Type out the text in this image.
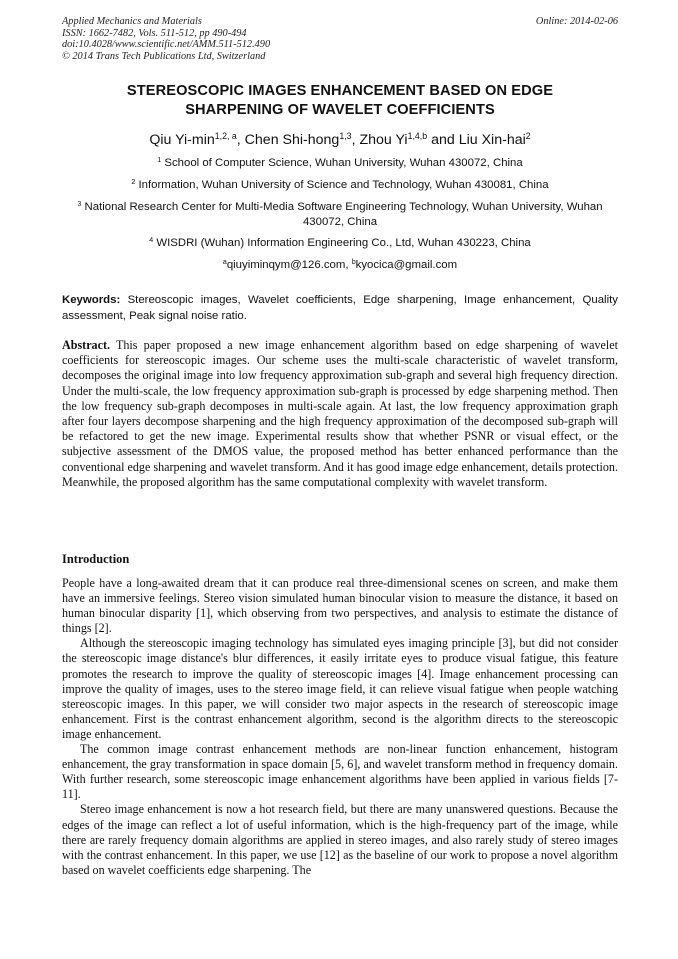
Applied Mechanics and Materials
ISSN: 1662-7482, Vols. 511-512, pp 490-494
doi:10.4028/www.scientific.net/AMM.511-512.490
© 2014 Trans Tech Publications Ltd, Switzerland
Online: 2014-02-06
STEREOSCOPIC IMAGES ENHANCEMENT BASED ON EDGE
SHARPENING OF WAVELET COEFFICIENTS
Qiu $Yi-\min^{1,2, a}$, Chen Shi-hong$^{1,3}$, Zhou Yi$^{1,4,b}$ and Liu Xin-hai$^2$
$^1$ School of Computer Science, Wuhan University, Wuhan 430072, China
$^2$ Information, Wuhan University of Science and Technology, Wuhan 430081, China
$^3$ National Research Center for Multi-Media Software Engineering Technology, Wuhan University, Wuhan 430072, China
$^4$ WISDRI (Wuhan) Information Engineering Co., Ltd, Wuhan 430223, China
$^a$qiuyiminqym@126.com, $^b$kyocica@gmail.com
Keywords: Stereoscopic images, Wavelet coefficients, Edge sharpening, Image enhancement, Quality assessment, Peak signal noise ratio.
Abstract. This paper proposed a new image enhancement algorithm based on edge sharpening of wavelet coefficients for stereoscopic images. Our scheme uses the multi-scale characteristic of wavelet transform, decomposes the original image into low frequency approximation sub-graph and several high frequency direction. Under the multi-scale, the low frequency approximation sub-graph is processed by edge sharpening method. Then the low frequency sub-graph decomposes in multi-scale again. At last, the low frequency approximation graph after four layers decompose sharpening and the high frequency approximation of the decomposed sub-graph will be refactored to get the new image. Experimental results show that whether PSNR or visual effect, or the subjective assessment of the DMOS value, the proposed method has better enhanced performance than the conventional edge sharpening and wavelet transform. And it has good image edge enhancement, details protection. Meanwhile, the proposed algorithm has the same computational complexity with wavelet transform.
Introduction

People have a long-awaited dream that it can produce real three-dimensional scenes on screen, and make them have an immersive feelings. Stereo vision simulated human binocular vision to measure the distance, it based on human binocular disparity [1], which observing from two perspectives, and analysis to estimate the distance of things [2].

Although the stereoscopic imaging technology has simulated eyes imaging principle [3], but did not consider the stereoscopic image distance's blur differences, it easily irritate eyes to produce visual fatigue, this feature promotes the research to improve the quality of stereoscopic images [4]. Image enhancement processing can improve the quality of images, uses to the stereo image field, it can relieve visual fatigue when people watching stereoscopic images. In this paper, we will consider two major aspects in the research of stereoscopic image enhancement. First is the contrast enhancement algorithm, second is the algorithm directs to the stereoscopic image enhancement.

The common image contrast enhancement methods are non-linear function enhancement, histogram enhancement, the gray transformation in space domain [5, 6], and wavelet transform method in frequency domain. With further research, some stereoscopic image enhancement algorithms have been applied in various fields [7-11].

Stereo image enhancement is now a hot research field, but there are many unanswered questions. Because the edges of the image can reflect a lot of useful information, which is the high-frequency part of the image, while there are rarely frequency domain algorithms are applied in stereo images, and also rarely study of stereo images with the contrast enhancement. In this paper, we use [12] as the baseline of our work to propose a novel algorithm based on wavelet coefficients edge sharpening. The
